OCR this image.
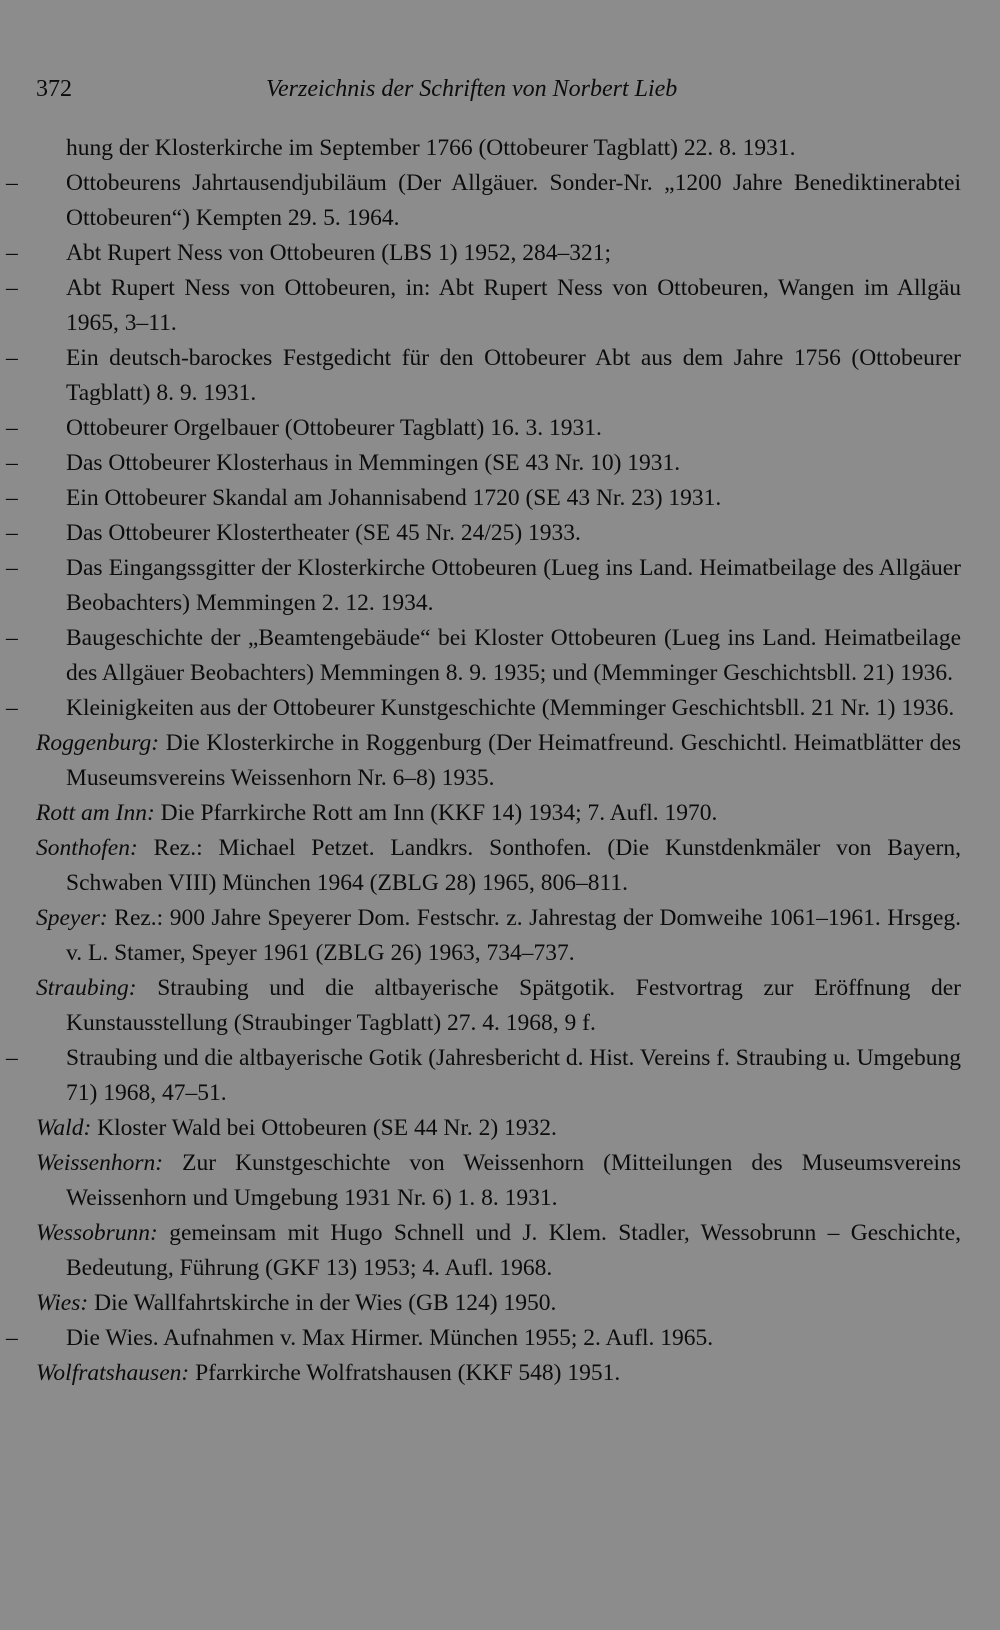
372	Verzeichnis der Schriften von Norbert Lieb

hung der Klosterkirche im September 1766 (Ottobeurer Tagblatt) 22. 8. 1931.

– Ottobeurens Jahrtausendjubiläum (Der Allgäuer. Sonder-Nr. „1200 Jahre Benediktinerabtei Ottobeuren“) Kempten 29. 5. 1964.

– Abt Rupert Ness von Ottobeuren (LBS 1) 1952, 284–321;

– Abt Rupert Ness von Ottobeuren, in: Abt Rupert Ness von Ottobeuren, Wangen im Allgäu 1965, 3–11.

– Ein deutsch-barockes Festgedicht für den Ottobeurer Abt aus dem Jahre 1756 (Ottobeurer Tagblatt) 8. 9. 1931.

– Ottobeurer Orgelbauer (Ottobeurer Tagblatt) 16. 3. 1931.

– Das Ottobeurer Klosterhaus in Memmingen (SE 43 Nr. 10) 1931.

– Ein Ottobeurer Skandal am Johannisabend 1720 (SE 43 Nr. 23) 1931.

– Das Ottobeurer Klostertheater (SE 45 Nr. 24/25) 1933.

– Das Eingangssgitter der Klosterkirche Ottobeuren (Lueg ins Land. Heimatbeilage des Allgäuer Beobachters) Memmingen 2. 12. 1934.

– Baugeschichte der „Beamtengebäude“ bei Kloster Ottobeuren (Lueg ins Land. Heimatbeilage des Allgäuer Beobachters) Memmingen 8. 9. 1935; und (Memminger Geschichtsbll. 21) 1936.

– Kleinigkeiten aus der Ottobeurer Kunstgeschichte (Memminger Geschichtsbll. 21 Nr. 1) 1936.

Roggenburg: Die Klosterkirche in Roggenburg (Der Heimatfreund. Geschichtl. Heimatblätter des Museumsvereins Weissenhorn Nr. 6–8) 1935.

Rott am Inn: Die Pfarrkirche Rott am Inn (KKF 14) 1934; 7. Aufl. 1970.

Sonthofen: Rez.: Michael Petzet. Landkrs. Sonthofen. (Die Kunstdenkmäler von Bayern, Schwaben VIII) München 1964 (ZBLG 28) 1965, 806–811.

Speyer: Rez.: 900 Jahre Speyerer Dom. Festschr. z. Jahrestag der Domweihe 1061–1961. Hrsgeg. v. L. Stamer, Speyer 1961 (ZBLG 26) 1963, 734–737.

Straubing: Straubing und die altbayerische Spätgotik. Festvortrag zur Eröffnung der Kunstausstellung (Straubinger Tagblatt) 27. 4. 1968, 9 f.

– Straubing und die altbayerische Gotik (Jahresbericht d. Hist. Vereins f. Straubing u. Umgebung 71) 1968, 47–51.

Wald: Kloster Wald bei Ottobeuren (SE 44 Nr. 2) 1932.

Weissenhorn: Zur Kunstgeschichte von Weissenhorn (Mitteilungen des Museumsvereins Weissenhorn und Umgebung 1931 Nr. 6) 1. 8. 1931.

Wessobrunn: gemeinsam mit Hugo Schnell und J. Klem. Stadler, Wessobrunn – Geschichte, Bedeutung, Führung (GKF 13) 1953; 4. Aufl. 1968.

Wies: Die Wallfahrtskirche in der Wies (GB 124) 1950.

– Die Wies. Aufnahmen v. Max Hirmer. München 1955; 2. Aufl. 1965.

Wolfratshausen: Pfarrkirche Wolfratshausen (KKF 548) 1951.
